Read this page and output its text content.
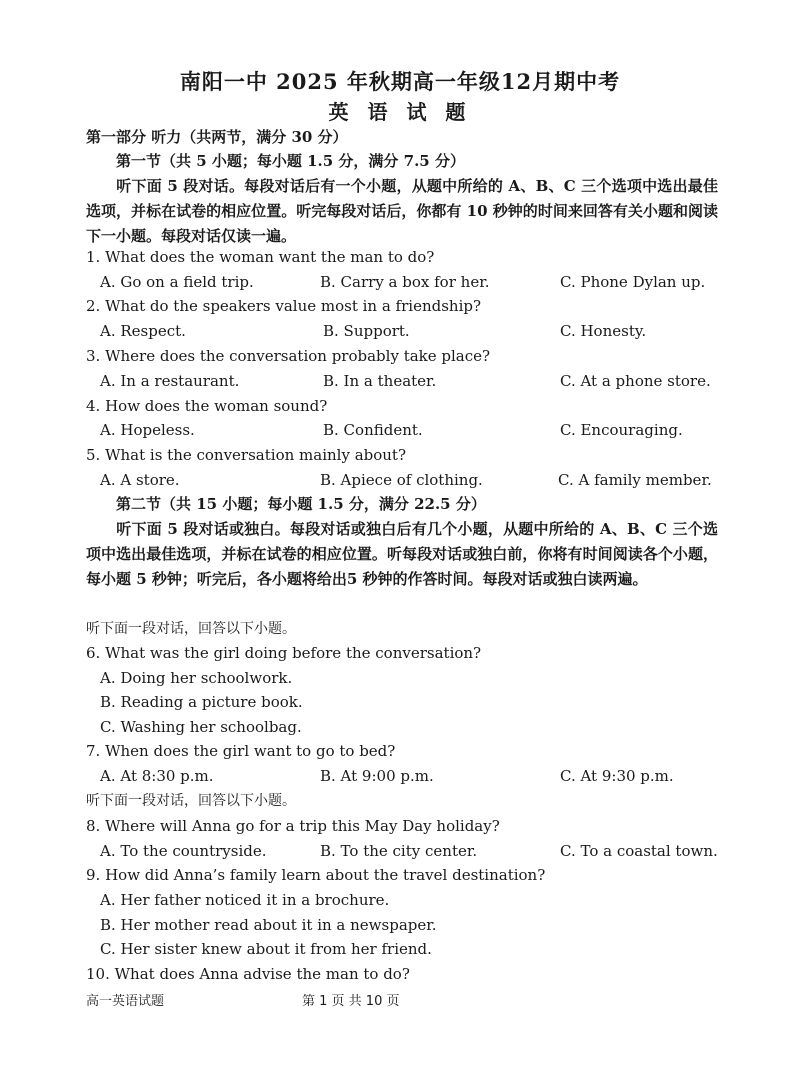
南阳一中 2025 年秋期高一年级12月期中考
英 语 试 题
第一部分 听力（共两节，满分 30 分）
第一节（共 5 小题；每小题 1.5 分，满分 7.5 分）
听下面 5 段对话。每段对话后有一个小题，从题中所给的 A、B、C 三个选项中选出最佳选项，并标在试卷的相应位置。听完每段对话后，你都有 10 秒钟的时间来回答有关小题和阅读下一小题。每段对话仅读一遍。
1. What does the woman want the man to do?
A. Go on a field trip.	B. Carry a box for her.	C. Phone Dylan up.
2. What do the speakers value most in a friendship?
A. Respect.	B. Support.	C. Honesty.
3. Where does the conversation probably take place?
A. In a restaurant.	B. In a theater.	C. At a phone store.
4. How does the woman sound?
A. Hopeless.	B. Confident.	C. Encouraging.
5. What is the conversation mainly about?
A. A store.	B. Apiece of clothing.	C. A family member.
第二节（共 15 小题；每小题 1.5 分，满分 22.5 分）
听下面 5 段对话或独白。每段对话或独白后有几个小题，从题中所给的 A、B、C 三个选项中选出最佳选项，并标在试卷的相应位置。听每段对话或独白前，你将有时间阅读各个小题，每小题 5 秒钟；听完后，各小题将给出5 秒钟的作答时间。每段对话或独白读两遍。
听下面一段对话，回答以下小题。
6. What was the girl doing before the conversation?
A. Doing her schoolwork.
B. Reading a picture book.
C. Washing her schoolbag.
7. When does the girl want to go to bed?
A. At 8:30 p.m.	B. At 9:00 p.m.	C. At 9:30 p.m.
听下面一段对话，回答以下小题。
8. Where will Anna go for a trip this May Day holiday?
A. To the countryside.	B. To the city center.	C. To a coastal town.
9. How did Anna’s family learn about the travel destination?
A. Her father noticed it in a brochure.
B. Her mother read about it in a newspaper.
C. Her sister knew about it from her friend.
10. What does Anna advise the man to do?
高一英语试题	第 1 页 共 10 页
